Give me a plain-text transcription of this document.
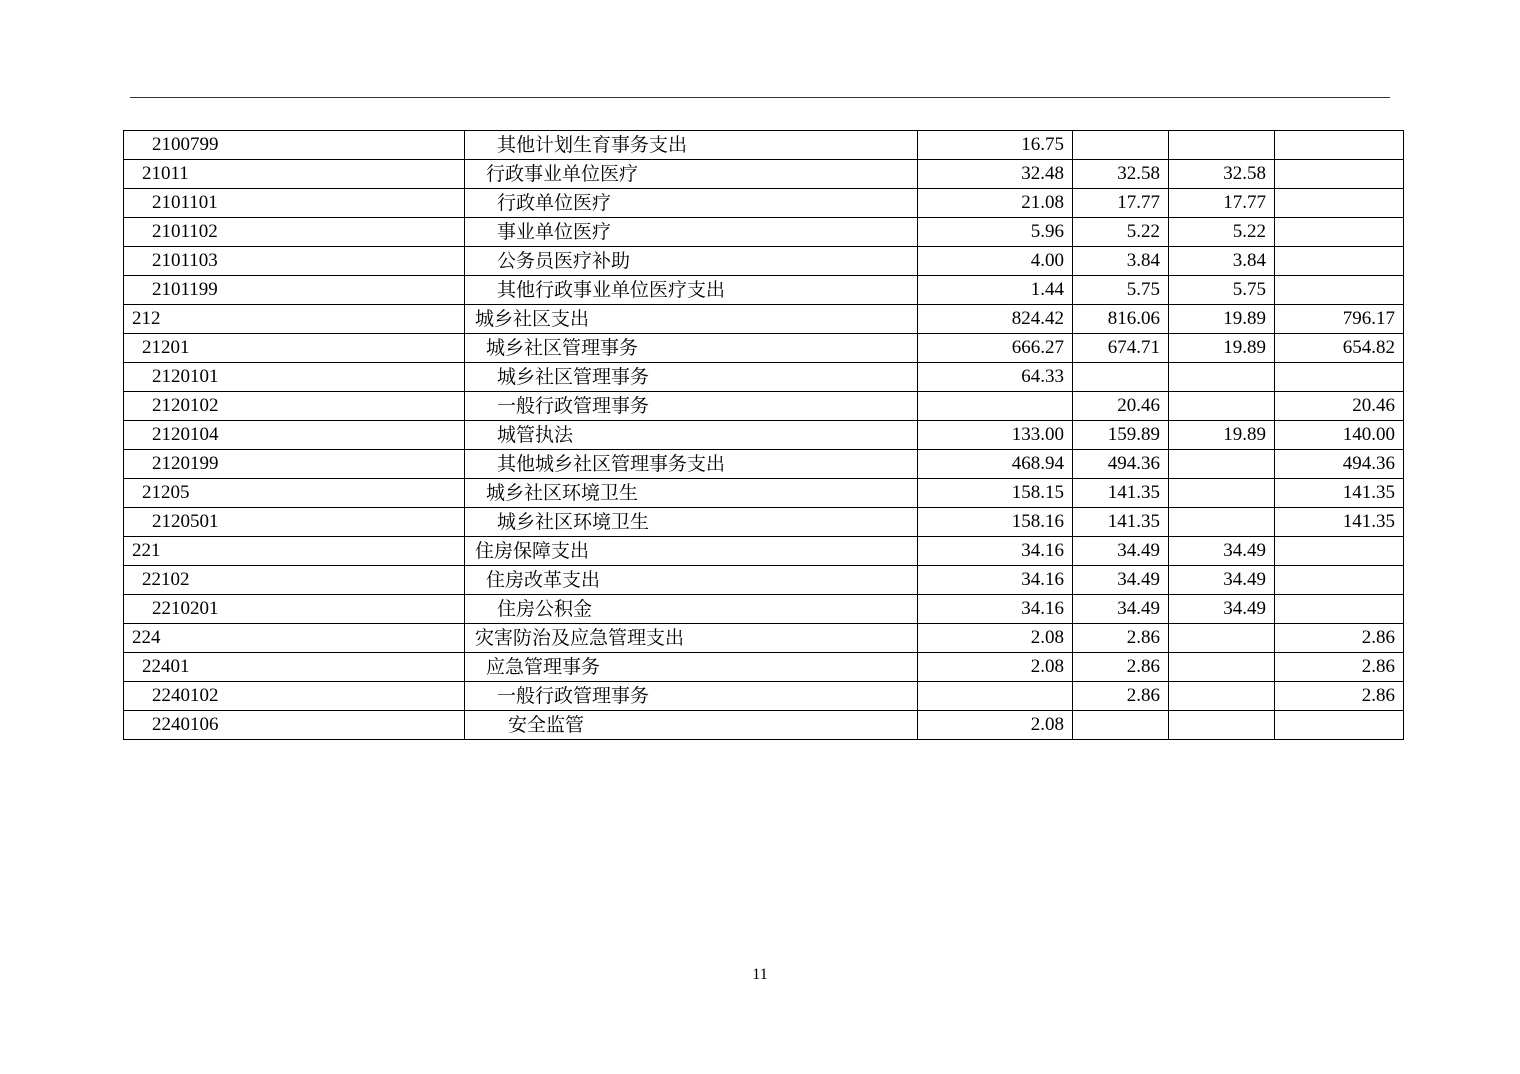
2100799	其他计划生育事务支出	16.75			
21011	行政事业单位医疗	32.48	32.58	32.58	
2101101	行政单位医疗	21.08	17.77	17.77	
2101102	事业单位医疗	5.96	5.22	5.22	
2101103	公务员医疗补助	4.00	3.84	3.84	
2101199	其他行政事业单位医疗支出	1.44	5.75	5.75	
212	城乡社区支出	824.42	816.06	19.89	796.17
21201	城乡社区管理事务	666.27	674.71	19.89	654.82
2120101	城乡社区管理事务	64.33			
2120102	一般行政管理事务		20.46		20.46
2120104	城管执法	133.00	159.89	19.89	140.00
2120199	其他城乡社区管理事务支出	468.94	494.36		494.36
21205	城乡社区环境卫生	158.15	141.35		141.35
2120501	城乡社区环境卫生	158.16	141.35		141.35
221	住房保障支出	34.16	34.49	34.49	
22102	住房改革支出	34.16	34.49	34.49	
2210201	住房公积金	34.16	34.49	34.49	
224	灾害防治及应急管理支出	2.08	2.86		2.86
22401	应急管理事务	2.08	2.86		2.86
2240102	一般行政管理事务		2.86		2.86
2240106	安全监管	2.08			
11
